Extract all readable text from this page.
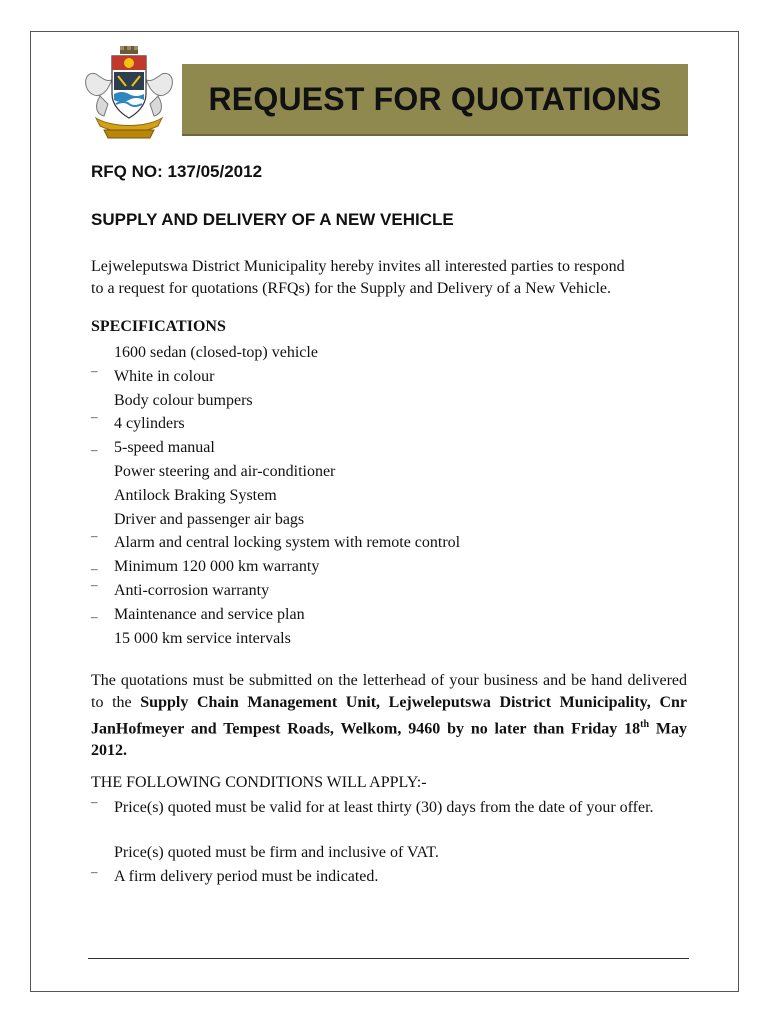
REQUEST FOR QUOTATIONS
RFQ NO: 137/05/2012
SUPPLY AND DELIVERY OF A NEW VEHICLE
Lejweleputswa District Municipality hereby invites all interested parties to respond
to a request for quotations (RFQs) for the Supply and Delivery of a New Vehicle.
SPECIFICATIONS
–
–
–
–
–
–
–
1600 sedan (closed-top) vehicle
White in colour
Body colour bumpers
4 cylinders
5-speed manual
Power steering and air-conditioner
Antilock Braking System
Driver and passenger air bags
Alarm and central locking system with remote control
Minimum 120 000 km warranty
Anti-corrosion warranty
Maintenance and service plan
15 000 km service intervals
The quotations must be submitted on the letterhead of your business and be hand delivered to the Supply Chain Management Unit, Lejweleputswa District Municipality, Cnr JanHofmeyer and Tempest Roads, Welkom, 9460 by no later than Friday 18th May 2012.
THE FOLLOWING CONDITIONS WILL APPLY:-
–
–
Price(s) quoted must be valid for at least thirty (30) days from the date of your offer.
Price(s) quoted must be firm and inclusive of VAT.
A firm delivery period must be indicated.
